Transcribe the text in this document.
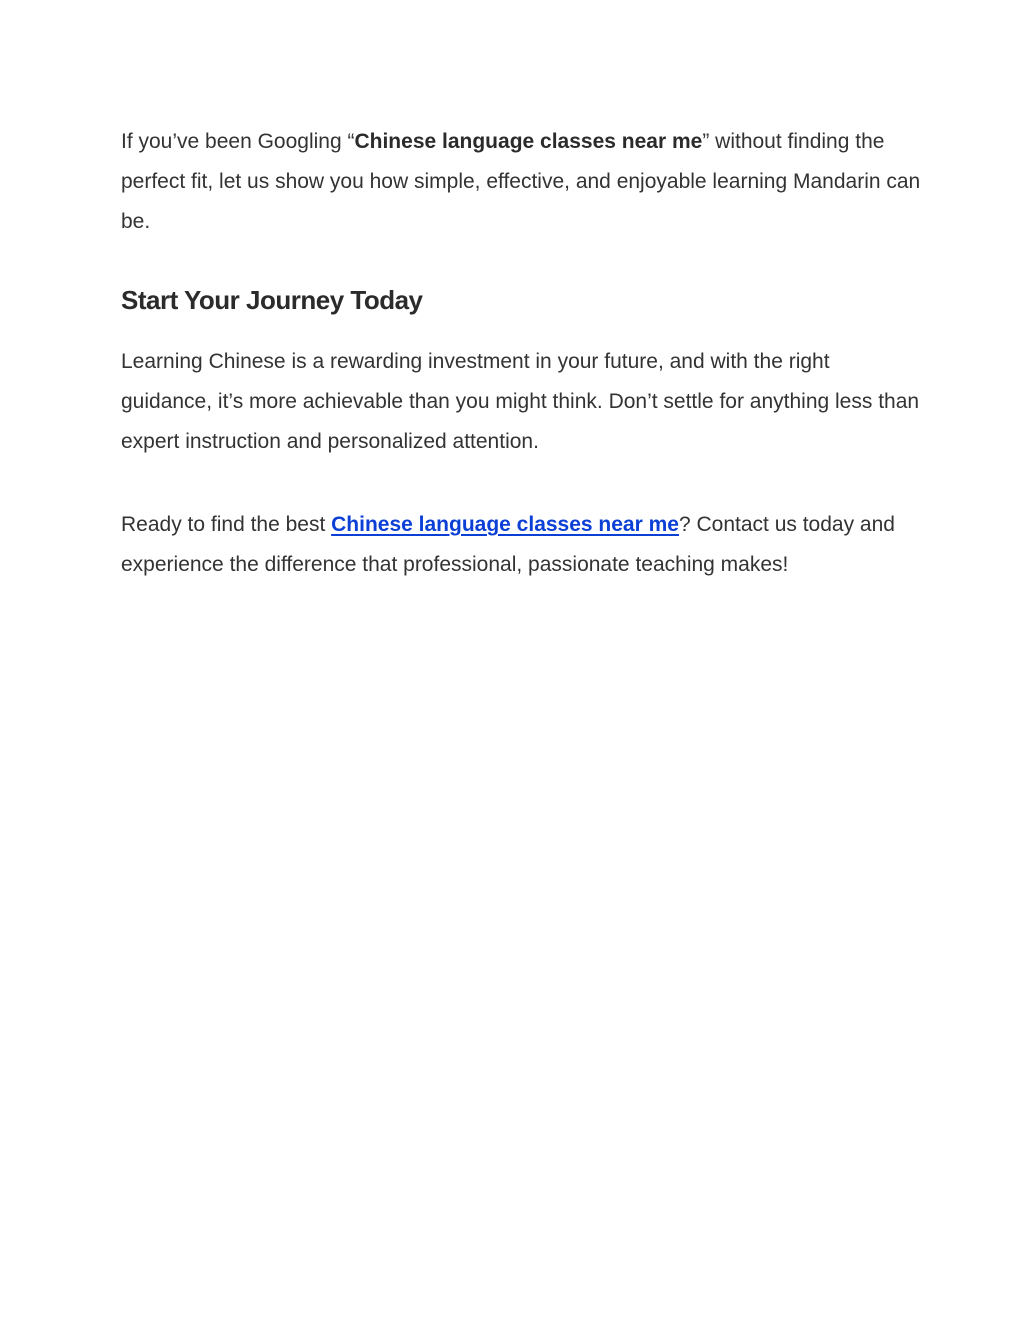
If you’ve been Googling “Chinese language classes near me” without finding the perfect fit, let us show you how simple, effective, and enjoyable learning Mandarin can be.

Start Your Journey Today

Learning Chinese is a rewarding investment in your future, and with the right guidance, it’s more achievable than you might think. Don’t settle for anything less than expert instruction and personalized attention.

Ready to find the best Chinese language classes near me? Contact us today and experience the difference that professional, passionate teaching makes!
